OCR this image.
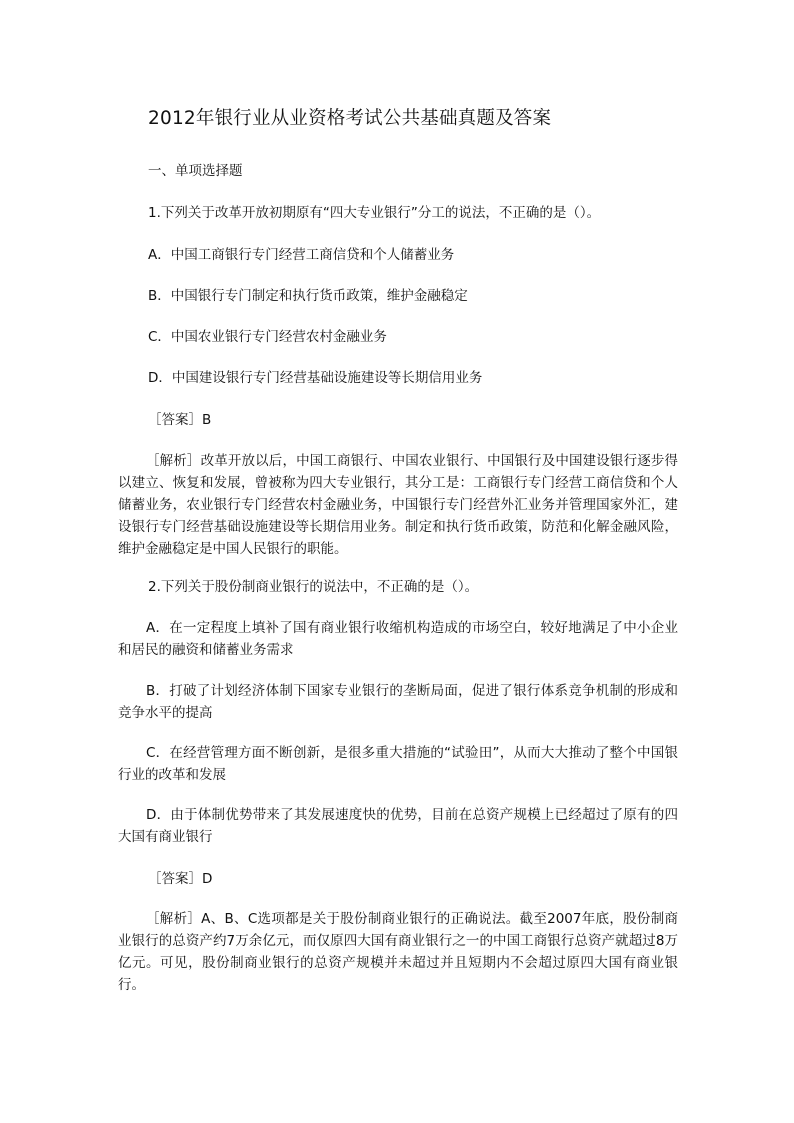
2012年银行业从业资格考试公共基础真题及答案
一、单项选择题
1.下列关于改革开放初期原有“四大专业银行”分工的说法，不正确的是（）。
A．中国工商银行专门经营工商信贷和个人储蓄业务
B．中国银行专门制定和执行货币政策，维护金融稳定
C．中国农业银行专门经营农村金融业务
D．中国建设银行专门经营基础设施建设等长期信用业务
［答案］B
［解析］改革开放以后，中国工商银行、中国农业银行、中国银行及中国建设银行逐步得以建立、恢复和发展，曾被称为四大专业银行，其分工是：工商银行专门经营工商信贷和个人储蓄业务，农业银行专门经营农村金融业务，中国银行专门经营外汇业务并管理国家外汇，建设银行专门经营基础设施建设等长期信用业务。制定和执行货币政策，防范和化解金融风险，维护金融稳定是中国人民银行的职能。
2.下列关于股份制商业银行的说法中，不正确的是（）。
A．在一定程度上填补了国有商业银行收缩机构造成的市场空白，较好地满足了中小企业和居民的融资和储蓄业务需求
B．打破了计划经济体制下国家专业银行的垄断局面，促进了银行体系竞争机制的形成和竞争水平的提高
C．在经营管理方面不断创新，是很多重大措施的“试验田”，从而大大推动了整个中国银行业的改革和发展
D．由于体制优势带来了其发展速度快的优势，目前在总资产规模上已经超过了原有的四大国有商业银行
［答案］D
［解析］A、B、C选项都是关于股份制商业银行的正确说法。截至2007年底，股份制商业银行的总资产约7万余亿元，而仅原四大国有商业银行之一的中国工商银行总资产就超过8万亿元。可见，股份制商业银行的总资产规模并未超过并且短期内不会超过原四大国有商业银行。
